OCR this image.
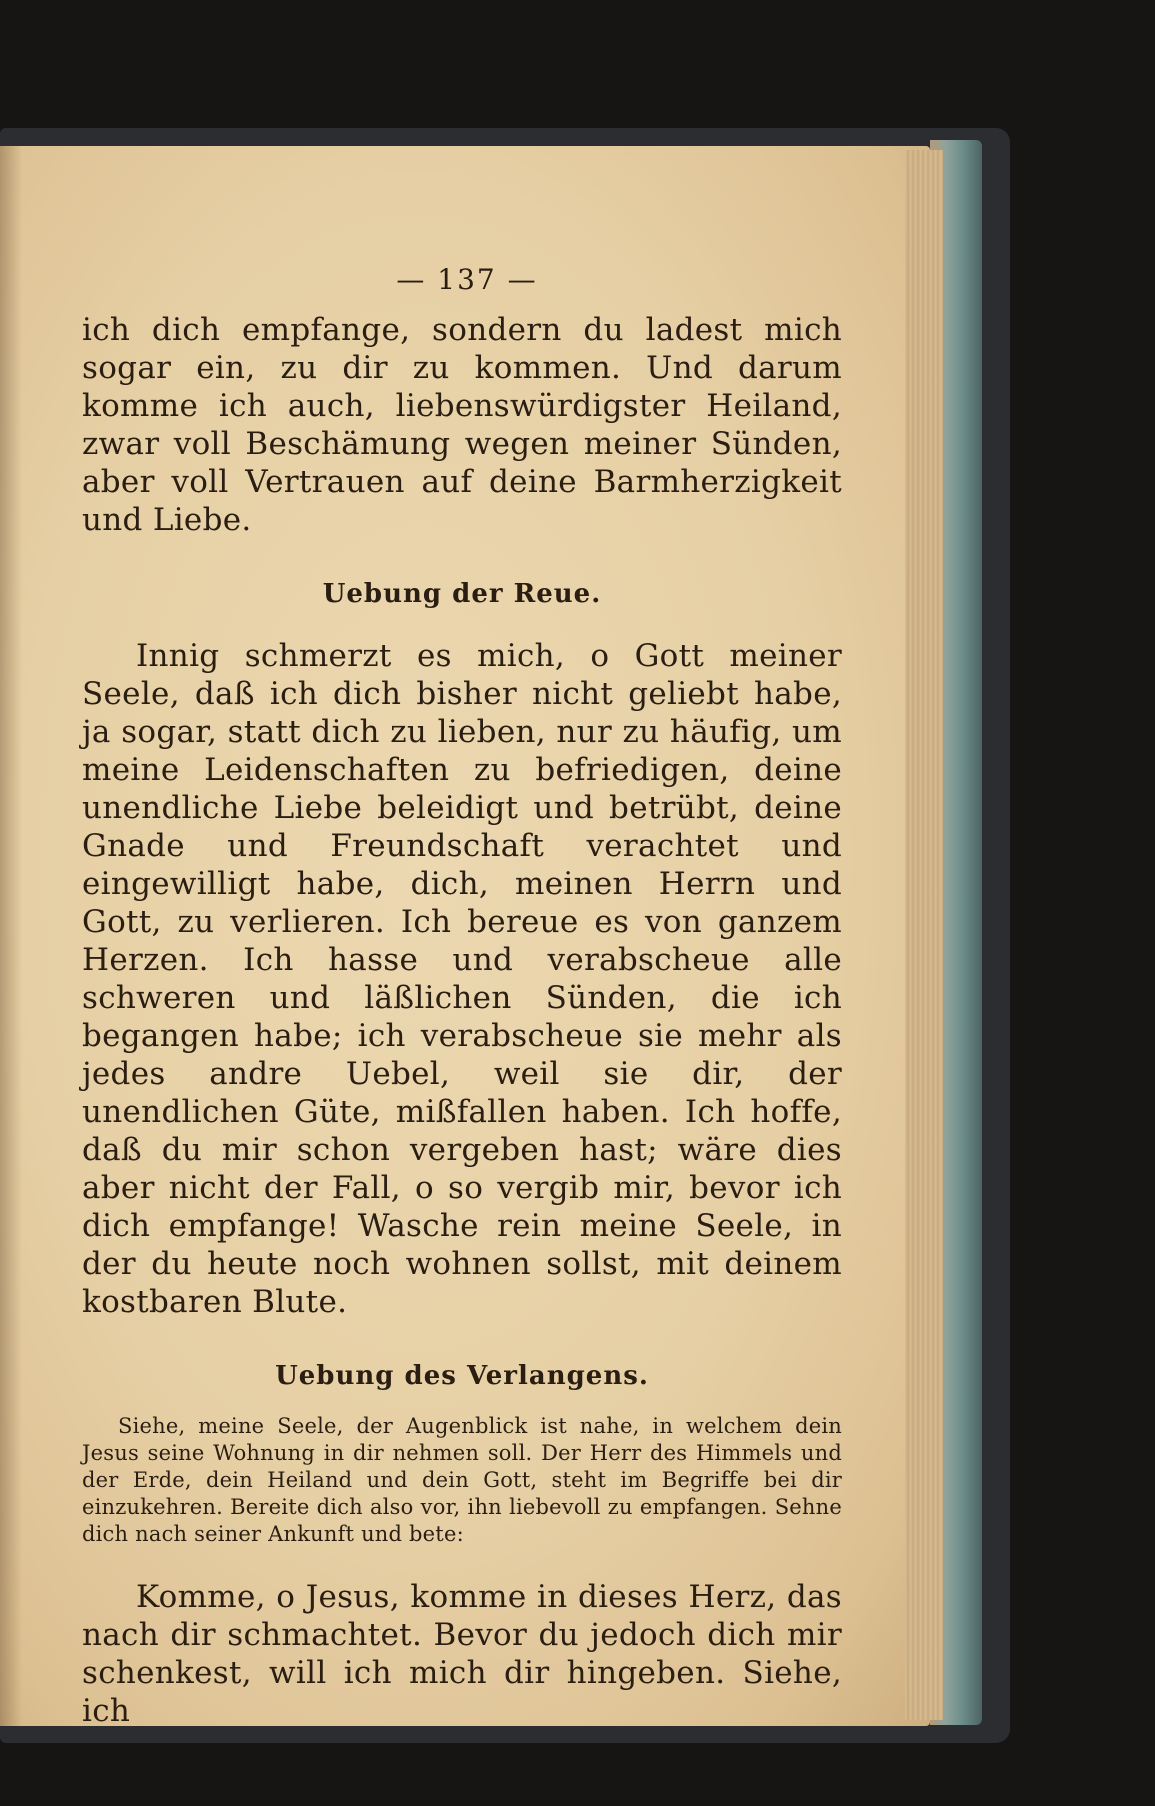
— 137 —

ich dich empfange, sondern du ladest mich sogar ein, zu dir zu kommen. Und darum komme ich auch, liebenswürdigster Heiland, zwar voll Beschämung wegen meiner Sünden, aber voll Vertrauen auf deine Barmherzigkeit und Liebe.

Uebung der Reue.

Innig schmerzt es mich, o Gott meiner Seele, daß ich dich bisher nicht geliebt habe, ja sogar, statt dich zu lieben, nur zu häufig, um meine Leidenschaften zu befriedigen, deine unendliche Liebe beleidigt und betrübt, deine Gnade und Freundschaft verachtet und eingewilligt habe, dich, meinen Herrn und Gott, zu verlieren. Ich bereue es von ganzem Herzen. Ich hasse und verabscheue alle schweren und läßlichen Sünden, die ich begangen habe; ich verabscheue sie mehr als jedes andre Uebel, weil sie dir, der unendlichen Güte, mißfallen haben. Ich hoffe, daß du mir schon vergeben hast; wäre dies aber nicht der Fall, o so vergib mir, bevor ich dich empfange! Wasche rein meine Seele, in der du heute noch wohnen sollst, mit deinem kostbaren Blute.

Uebung des Verlangens.

Siehe, meine Seele, der Augenblick ist nahe, in welchem dein Jesus seine Wohnung in dir nehmen soll. Der Herr des Himmels und der Erde, dein Heiland und dein Gott, steht im Begriffe bei dir einzukehren. Bereite dich also vor, ihn liebevoll zu empfangen. Sehne dich nach seiner Ankunft und bete:

Komme, o Jesus, komme in dieses Herz, das nach dir schmachtet. Bevor du jedoch dich mir schenkest, will ich mich dir hingeben. Siehe, ich
